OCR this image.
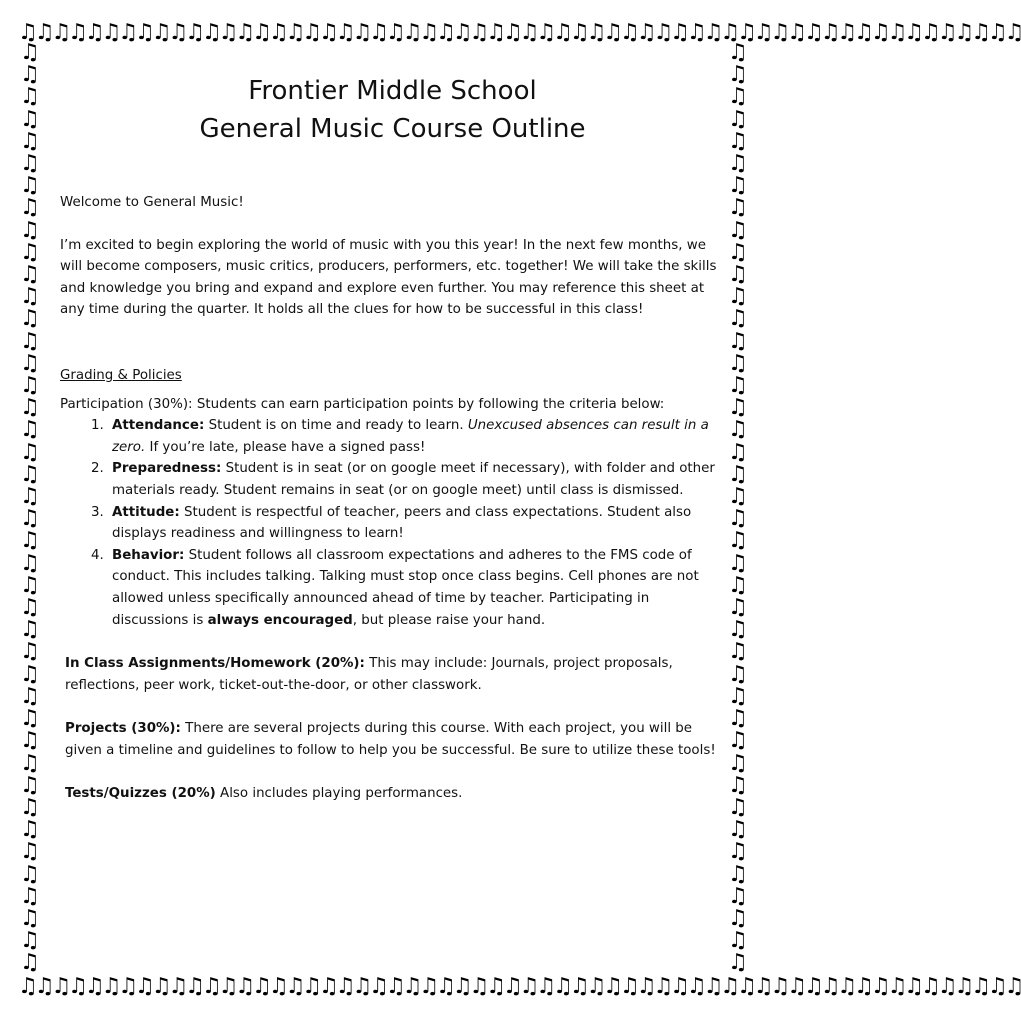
♫♫♫♫♫♫♫♫♫♫♫♫♫♫♫♫♫♫♫♫♫♫♫♫♫♫♫♫♫♫♫♫♫♫♫♫♫♫♫♫♫♫♫♫♫♫♫♫♫♫♫♫♫♫♫♫♫♫♫♫
♫♫♫♫♫♫♫♫♫♫♫♫♫♫♫♫♫♫♫♫♫♫♫♫♫♫♫♫♫♫♫♫♫♫♫♫♫♫♫♫♫♫
♫♫♫♫♫♫♫♫♫♫♫♫♫♫♫♫♫♫♫♫♫♫♫♫♫♫♫♫♫♫♫♫♫♫♫♫♫♫♫♫♫♫
♫♫♫♫♫♫♫♫♫♫♫♫♫♫♫♫♫♫♫♫♫♫♫♫♫♫♫♫♫♫♫♫♫♫♫♫♫♫♫♫♫♫♫♫♫♫♫♫♫♫♫♫♫♫♫♫♫♫♫♫
Frontier Middle School
General Music Course Outline

Welcome to General Music!

I’m excited to begin exploring the world of music with you this year! In the next few months, we will become composers, music critics, producers, performers, etc. together! We will take the skills and knowledge you bring and expand and explore even further. You may reference this sheet at any time during the quarter. It holds all the clues for how to be successful in this class!

Grading & Policies

Participation (30%): Students can earn participation points by following the criteria below:

1. Attendance: Student is on time and ready to learn. Unexcused absences can result in a zero. If you’re late, please have a signed pass!
2. Preparedness: Student is in seat (or on google meet if necessary), with folder and other materials ready. Student remains in seat (or on google meet) until class is dismissed.
3. Attitude: Student is respectful of teacher, peers and class expectations. Student also displays readiness and willingness to learn!
4. Behavior: Student follows all classroom expectations and adheres to the FMS code of conduct. This includes talking. Talking must stop once class begins. Cell phones are not allowed unless specifically announced ahead of time by teacher. Participating in discussions is always encouraged, but please raise your hand.

In Class Assignments/Homework (20%): This may include: Journals, project proposals, reflections, peer work, ticket-out-the-door, or other classwork.

Projects (30%): There are several projects during this course. With each project, you will be given a timeline and guidelines to follow to help you be successful. Be sure to utilize these tools!

Tests/Quizzes (20%) Also includes playing performances.
